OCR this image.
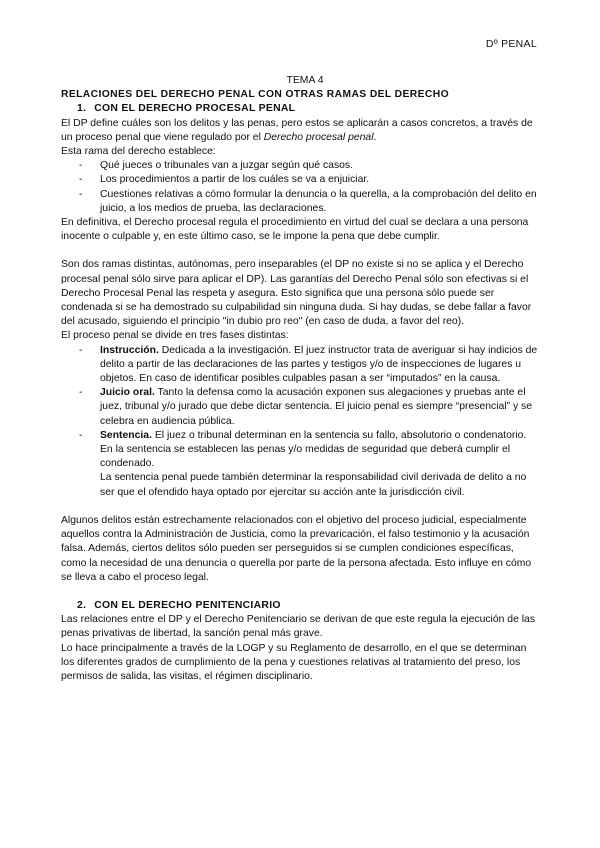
Dº PENAL
TEMA 4
RELACIONES DEL DERECHO PENAL CON OTRAS RAMAS DEL DERECHO
1. CON EL DERECHO PROCESAL PENAL

El DP define cuáles son los delitos y las penas, pero estos se aplicarán a casos concretos, a través de un proceso penal que viene regulado por el Derecho procesal penal.

Esta rama del derecho establece:

- Qué jueces o tribunales van a juzgar según qué casos.
- Los procedimientos a partir de los cuáles se va a enjuiciar.
- Cuestiones relativas a cómo formular la denuncia o la querella, a la comprobación del delito en juicio, a los medios de prueba, las declaraciones.

En definitiva, el Derecho procesal regula el procedimiento en virtud del cual se declara a una persona inocente o culpable y, en este último caso, se le impone la pena que debe cumplir.

Son dos ramas distintas, autónomas, pero inseparables (el DP no existe si no se aplica y el Derecho procesal penal sólo sirve para aplicar el DP). Las garantías del Derecho Penal sólo son efectivas si el Derecho Procesal Penal las respeta y asegura. Esto significa que una persona sólo puede ser condenada si se ha demostrado su culpabilidad sin ninguna duda. Si hay dudas, se debe fallar a favor del acusado, siguiendo el principio "in dubio pro reo" (en caso de duda, a favor del reo).

El proceso penal se divide en tres fases distintas:

- Instrucción. Dedicada a la investigación. El juez instructor trata de averiguar si hay indicios de delito a partir de las declaraciones de las partes y testigos y/o de inspecciones de lugares u objetos. En caso de identificar posibles culpables pasan a ser “imputados” en la causa.
- Juicio oral. Tanto la defensa como la acusación exponen sus alegaciones y pruebas ante el juez, tribunal y/o jurado que debe dictar sentencia. El juicio penal es siempre “presencial” y se celebra en audiencia pública.
- Sentencia. El juez o tribunal determinan en la sentencia su fallo, absolutorio o condenatorio. En la sentencia se establecen las penas y/o medidas de seguridad que deberá cumplir el condenado.
La sentencia penal puede también determinar la responsabilidad civil derivada de delito a no ser que el ofendido haya optado por ejercitar su acción ante la jurisdicción civil.

Algunos delitos están estrechamente relacionados con el objetivo del proceso judicial, especialmente aquellos contra la Administración de Justicia, como la prevaricación, el falso testimonio y la acusación falsa. Además, ciertos delitos sólo pueden ser perseguidos si se cumplen condiciones específicas, como la necesidad de una denuncia o querella por parte de la persona afectada. Esto influye en cómo se lleva a cabo el proceso legal.

2. CON EL DERECHO PENITENCIARIO

Las relaciones entre el DP y el Derecho Penitenciario se derivan de que este regula la ejecución de las penas privativas de libertad, la sanción penal más grave.

Lo hace principalmente a través de la LOGP y su Reglamento de desarrollo, en el que se determinan los diferentes grados de cumplimiento de la pena y cuestiones relativas al tratamiento del preso, los permisos de salida, las visitas, el régimen disciplinario.
